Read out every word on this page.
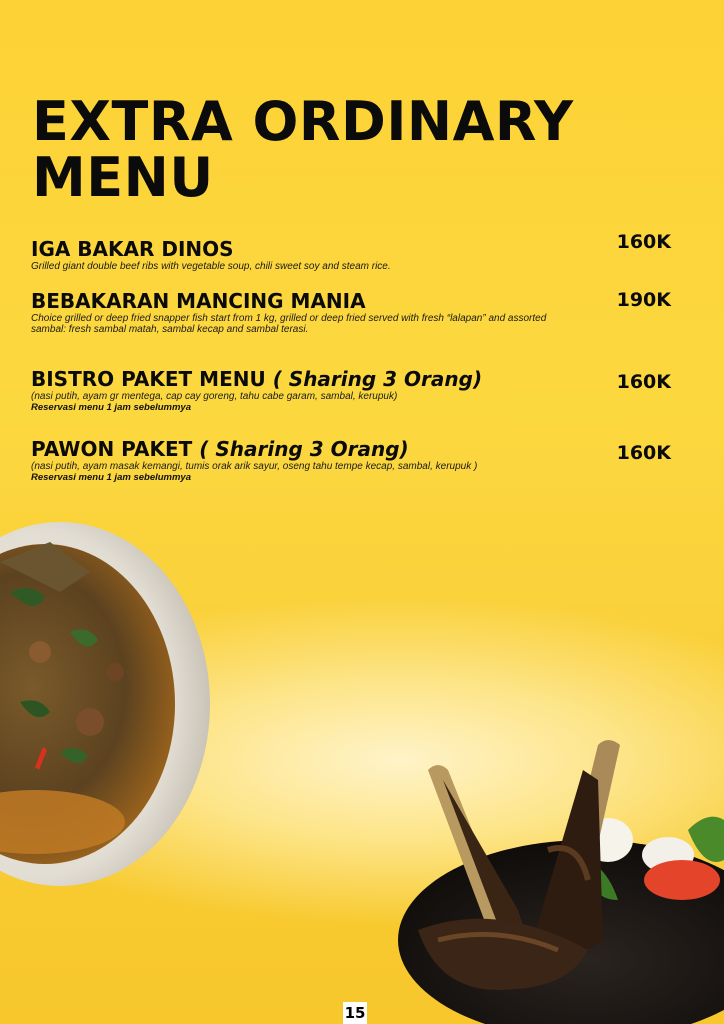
EXTRA ORDINARY
MENU
160K
IGA BAKAR DINOS
Grilled giant double beef ribs with vegetable soup, chili sweet soy and steam rice.
190K
BEBAKARAN MANCING MANIA
Choice grilled or deep fried snapper fish start from 1 kg, grilled or deep fried served with fresh “lalapan” and assorted sambal: fresh sambal matah, sambal kecap and sambal terasi.
160K
BISTRO PAKET MENU ( Sharing 3 Orang)
(nasi putih, ayam gr mentega, cap cay goreng, tahu cabe garam, sambal, kerupuk)
Reservasi menu 1 jam sebelummya
160K
PAWON PAKET ( Sharing 3 Orang)
(nasi putih, ayam masak kemangi, tumis orak arik sayur, oseng tahu tempe kecap, sambal, kerupuk )
Reservasi menu 1 jam sebelummya
15
